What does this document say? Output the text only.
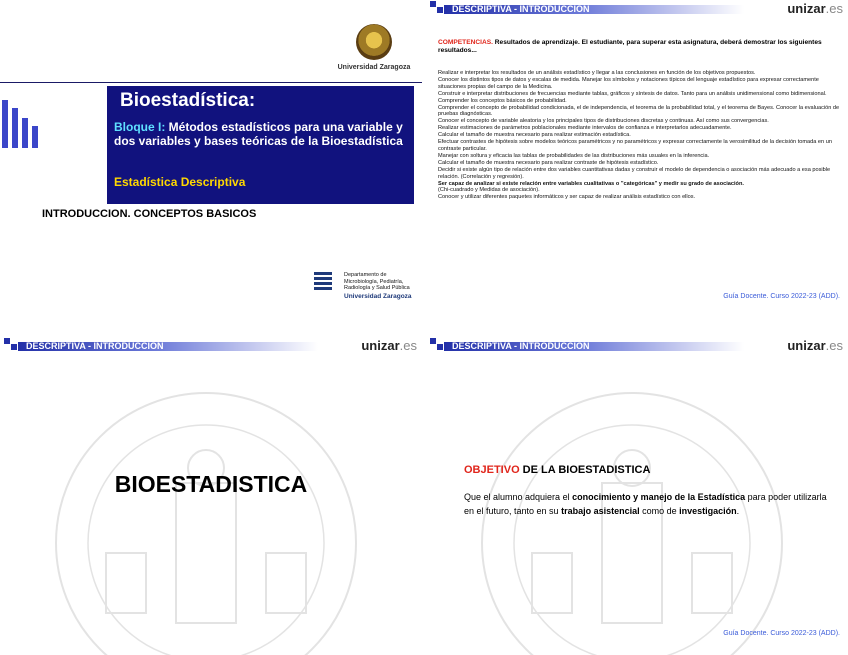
Universidad Zaragoza
Bioestadística:
Bloque I: Métodos estadísticos para una variable y dos variables y bases teóricas de la Bioestadística
Estadística Descriptiva
INTRODUCCION. CONCEPTOS BASICOS
Departamento de
Microbiología, Pediatría,
Radiología y Salud Pública
Universidad Zaragoza
DESCRIPTIVA - INTRODUCCION	unizar.es
COMPETENCIAS. Resultados de aprendizaje. El estudiante, para superar esta asignatura, deberá demostrar los siguientes resultados...
Realizar e interpretar los resultados de un análisis estadístico y llegar a las conclusiones en función de los objetivos propuestos.
Conocer los distintos tipos de datos y escalas de medida. Manejar los símbolos y notaciones típicos del lenguaje estadístico para expresar correctamente situaciones propias del campo de la Medicina.
Construir e interpretar distribuciones de frecuencias mediante tablas, gráficos y síntesis de datos. Tanto para un análisis unidimensional como bidimensional.
Comprender los conceptos básicos de probabilidad.
Comprender el concepto de probabilidad condicionada, el de independencia, el teorema de la probabilidad total, y el teorema de Bayes. Conocer la evaluación de pruebas diagnósticas.
Conocer el concepto de variable aleatoria y los principales tipos de distribuciones discretas y continuas. Así como sus convergencias.
Realizar estimaciones de parámetros poblacionales mediante intervalos de confianza e interpretarlos adecuadamente.
Calcular el tamaño de muestra necesario para realizar estimación estadística.
Efectuar contrastes de hipótesis sobre modelos teóricos paramétricos y no paramétricos y expresar correctamente la verosimilitud de la decisión tomada en un contraste particular.
Manejar con soltura y eficacia las tablas de probabilidades de las distribuciones más usuales en la inferencia.
Calcular el tamaño de muestra necesario para realizar contraste de hipótesis estadístico.
Decidir si existe algún tipo de relación entre dos variables cuantitativas dadas y construir el modelo de dependencia o asociación más adecuado a esa posible relación. (Correlación y regresión).
Ser capaz de analizar si existe relación entre variables cualitativas o "categóricas" y medir su grado de asociación.
(Chi-cuadrado y Medidas de asociación).
Conocer y utilizar diferentes paquetes informáticos y ser capaz de realizar análisis estadístico con ellos.
Guía Docente. Curso 2022-23 (ADD).
DESCRIPTIVA - INTRODUCCION	unizar.es
BIOESTADISTICA
DESCRIPTIVA - INTRODUCCION	unizar.es
OBJETIVO DE LA BIOESTADISTICA
Que el alumno adquiera el conocimiento y manejo de la Estadística para poder utilizarla en el futuro, tanto en su trabajo asistencial como de investigación.
Guía Docente. Curso 2022-23 (ADD).
